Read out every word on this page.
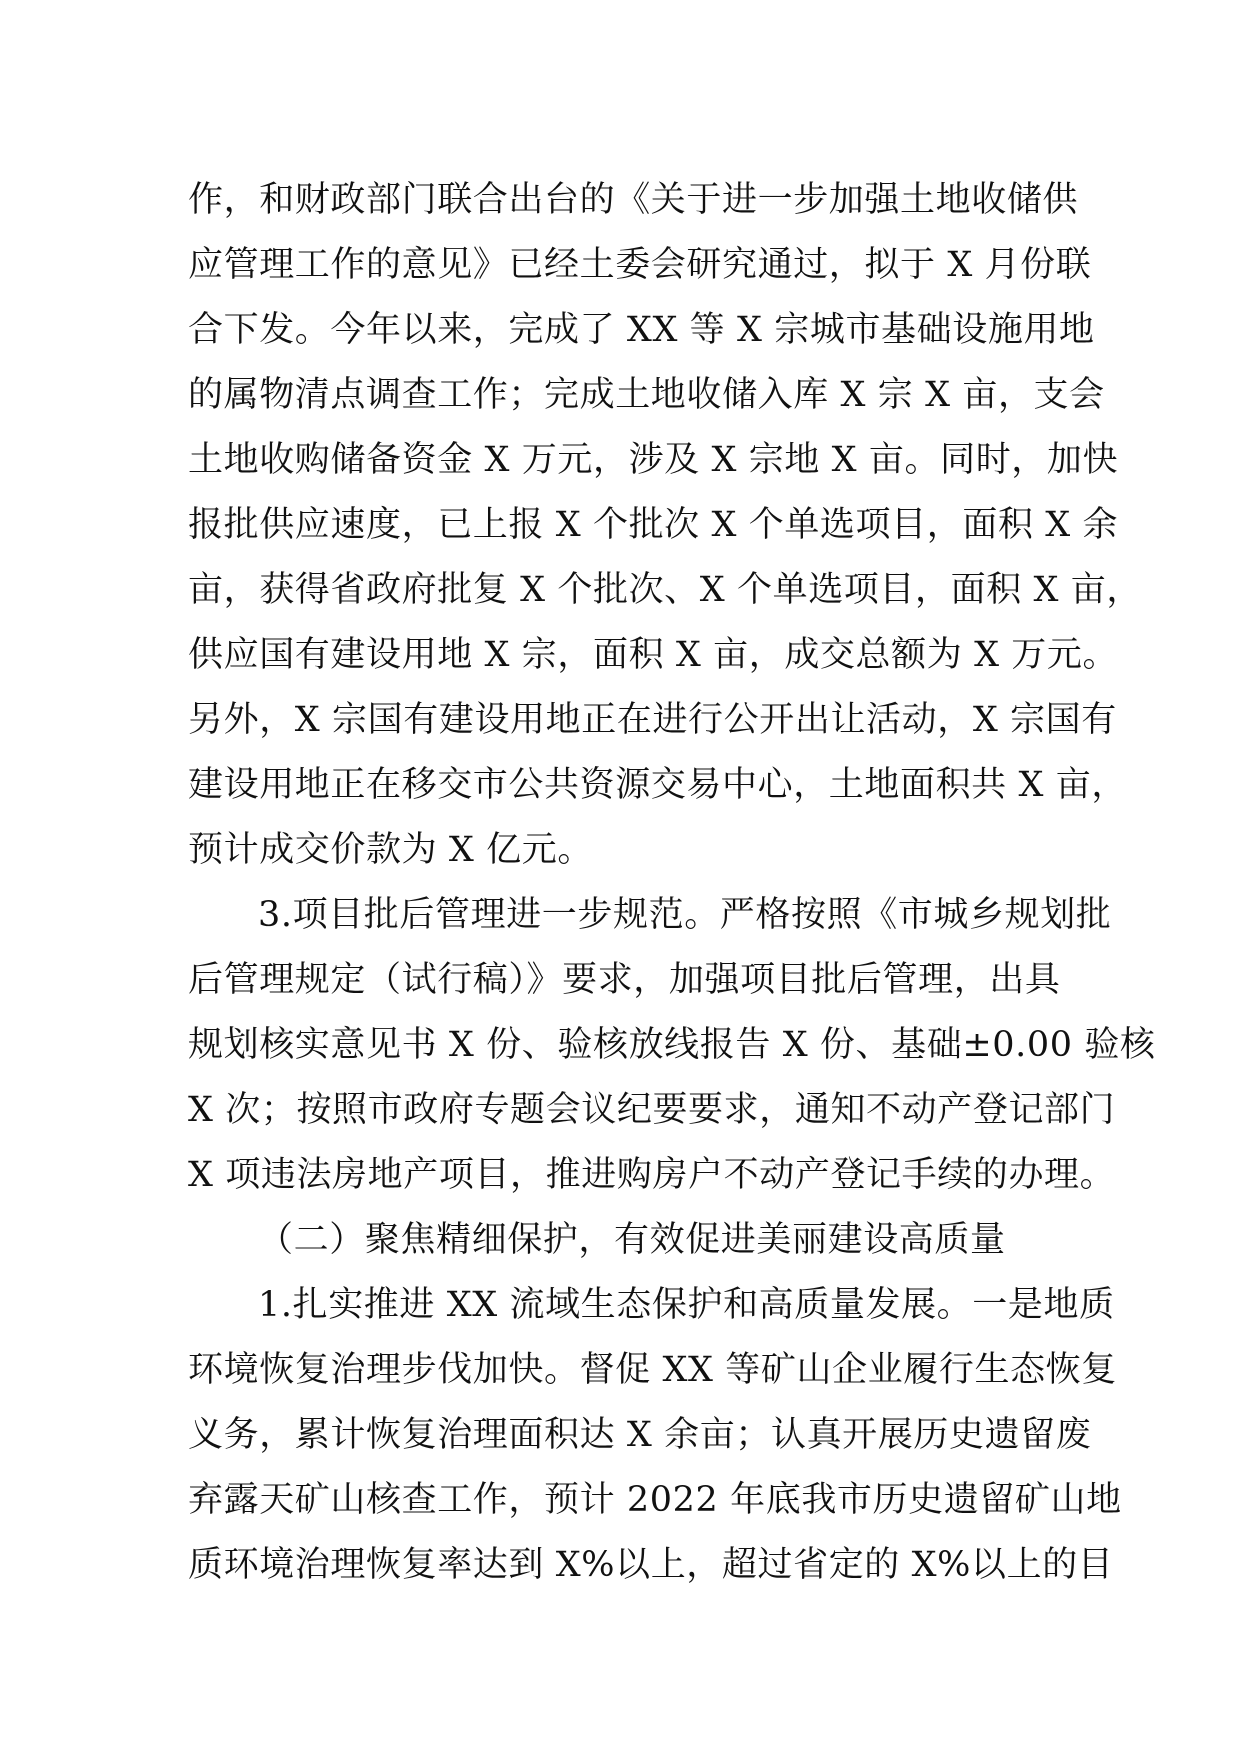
作，和财政部门联合出台的《关于进一步加强土地收储供
应管理工作的意见》已经土委会研究通过，拟于 X 月份联
合下发。今年以来，完成了 XX 等 X 宗城市基础设施用地
的属物清点调查工作；完成土地收储入库 X 宗 X 亩，支会
土地收购储备资金 X 万元，涉及 X 宗地 X 亩。同时，加快
报批供应速度，已上报 X 个批次 X 个单选项目，面积 X 余
亩，获得省政府批复 X 个批次、X 个单选项目，面积 X 亩，
供应国有建设用地 X 宗，面积 X 亩，成交总额为 X 万元。
另外，X 宗国有建设用地正在进行公开出让活动，X 宗国有
建设用地正在移交市公共资源交易中心，土地面积共 X 亩，
预计成交价款为 X 亿元。
3.项目批后管理进一步规范。严格按照《市城乡规划批
后管理规定（试行稿）》要求，加强项目批后管理，出具
规划核实意见书 X 份、验核放线报告 X 份、基础±0.00 验核
X 次；按照市政府专题会议纪要要求，通知不动产登记部门
X 项违法房地产项目，推进购房户不动产登记手续的办理。
（二）聚焦精细保护，有效促进美丽建设高质量
1.扎实推进 XX 流域生态保护和高质量发展。一是地质
环境恢复治理步伐加快。督促 XX 等矿山企业履行生态恢复
义务，累计恢复治理面积达 X 余亩；认真开展历史遗留废
弃露天矿山核查工作，预计 2022 年底我市历史遗留矿山地
质环境治理恢复率达到 X%以上，超过省定的 X%以上的目
